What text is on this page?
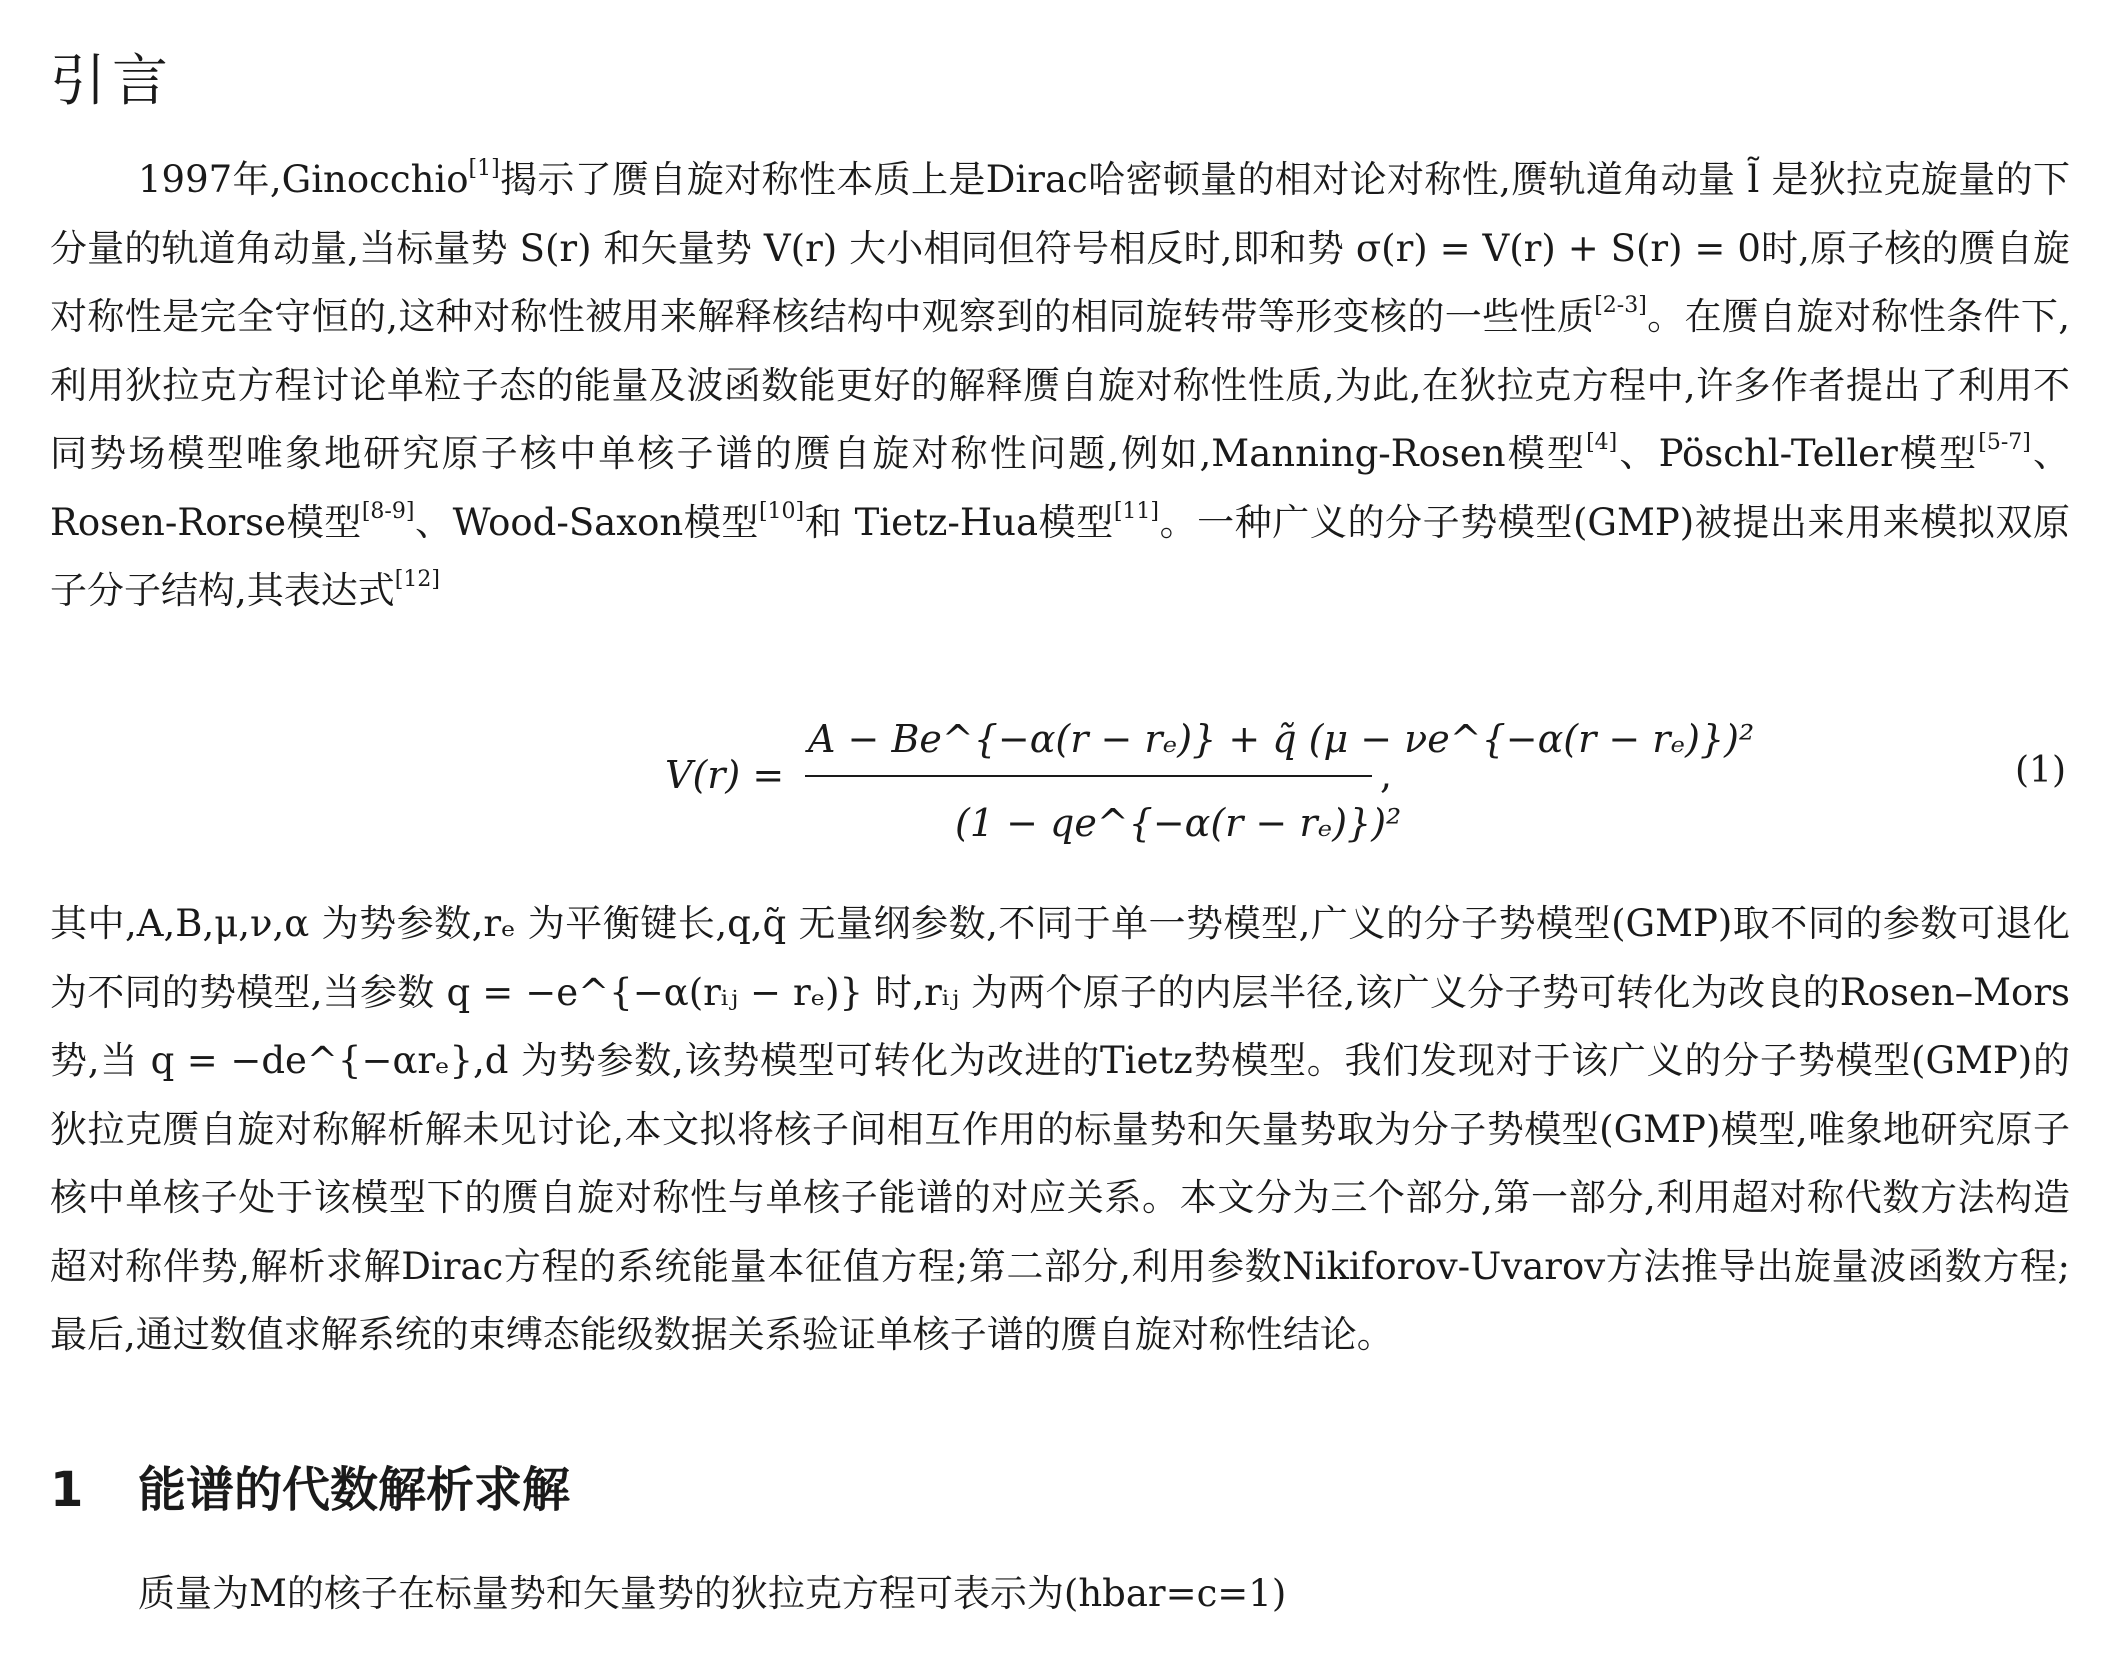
引言

1997年,Ginocchio[1]揭示了赝自旋对称性本质上是Dirac哈密顿量的相对论对称性,赝轨道角动量 l̃ 是狄拉克旋量的下分量的轨道角动量,当标量势 S(r) 和矢量势 V(r) 大小相同但符号相反时,即和势 σ(r) = V(r) + S(r) = 0时,原子核的赝自旋对称性是完全守恒的,这种对称性被用来解释核结构中观察到的相同旋转带等形变核的一些性质[2-3]。在赝自旋对称性条件下,利用狄拉克方程讨论单粒子态的能量及波函数能更好的解释赝自旋对称性性质,为此,在狄拉克方程中,许多作者提出了利用不同势场模型唯象地研究原子核中单核子谱的赝自旋对称性问题,例如,Manning-Rosen模型[4]、Pöschl-Teller模型[5-7]、Rosen-Rorse模型[8-9]、Wood-Saxon模型[10]和 Tietz-Hua模型[11]。一种广义的分子势模型(GMP)被提出来用来模拟双原子分子结构,其表达式[12]

V(r) =
A − Be^{−α(r − rₑ)} + q̃ (μ − νe^{−α(r − rₑ)})²
(1 − qe^{−α(r − rₑ)})²
,	(1)

其中,A,B,μ,ν,α 为势参数,rₑ 为平衡键长,q,q̃ 无量纲参数,不同于单一势模型,广义的分子势模型(GMP)取不同的参数可退化为不同的势模型,当参数 q = −e^{−α(rᵢⱼ − rₑ)} 时,rᵢⱼ 为两个原子的内层半径,该广义分子势可转化为改良的Rosen–Mors势,当 q = −de^{−αrₑ},d 为势参数,该势模型可转化为改进的Tietz势模型。我们发现对于该广义的分子势模型(GMP)的狄拉克赝自旋对称解析解未见讨论,本文拟将核子间相互作用的标量势和矢量势取为分子势模型(GMP)模型,唯象地研究原子核中单核子处于该模型下的赝自旋对称性与单核子能谱的对应关系。本文分为三个部分,第一部分,利用超对称代数方法构造超对称伴势,解析求解Dirac方程的系统能量本征值方程;第二部分,利用参数Nikiforov-Uvarov方法推导出旋量波函数方程;最后,通过数值求解系统的束缚态能级数据关系验证单核子谱的赝自旋对称性结论。

1 能谱的代数解析求解

质量为M的核子在标量势和矢量势的狄拉克方程可表示为(hbar=c=1)
